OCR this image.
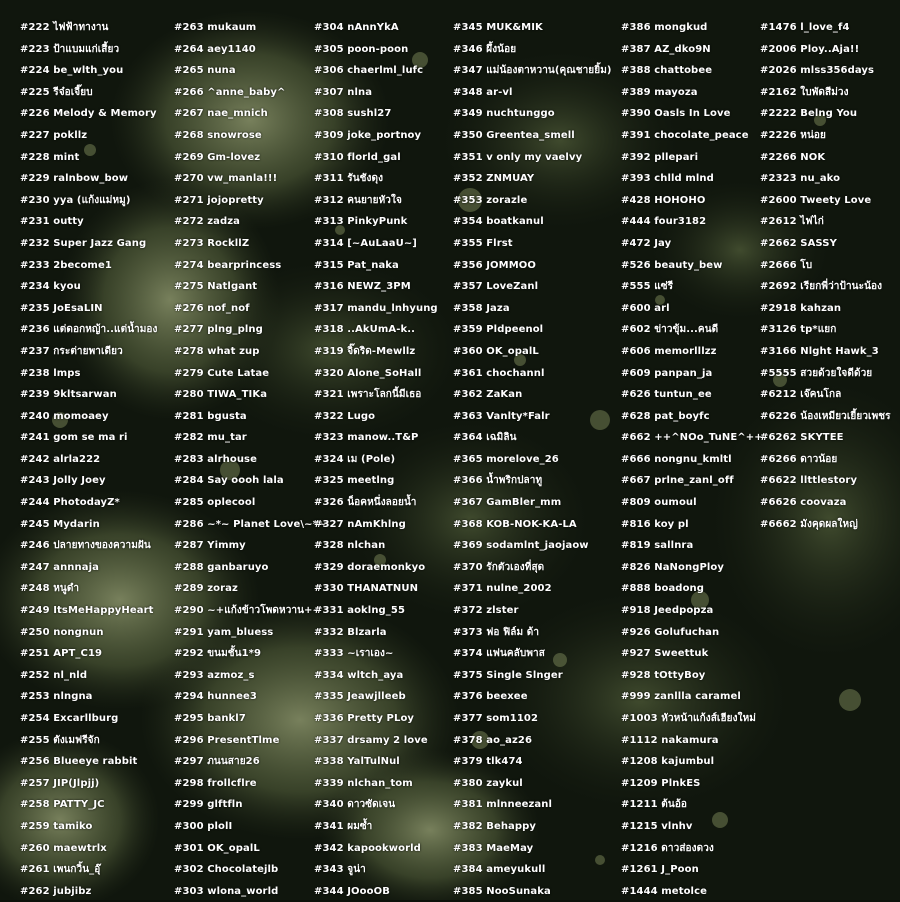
#222 ไฟฟ้าทางาน
#223 ป้าแบมแก่เสี้ยว
#224 be_wlth_you
#225 รีจ๋อเจี๊ยบ
#226 Melody & Memory
#227 pokllz
#228 mint
#229 ralnbow_bow
#230 yya (แก้งแม่หมู)
#231 outty
#232 Super Jazz Gang
#233 2become1
#234 kyou
#235 JoEsaLIN
#236 แต่ดอกหญ้า..แต่น้ำมอง
#237 กระต่ายพาเดียว
#238 lmps
#239 9kltsarwan
#240 momoaey
#241 gom se ma ri
#242 alrla222
#243 Jolly Joey
#244 PhotodayZ*
#245 Mydarin
#246 ปลายทางของความฝัน
#247 annnaja
#248 หนูดำ
#249 ItsMeHappyHeart
#250 nongnun
#251 APT_C19
#252 nl_nld
#253 nlngna
#254 Excarllburg
#255 ตังเมฟรีจัก
#256 Blueeye rabbit
#257 JIP(Jlpjj)
#258 PATTY_JC
#259 tamiko
#260 maewtrlx
#261 เพนกวิ้น_อุ๊
#262 jubjibz
#263 mukaum
#264 aey1140
#265 nuna
#266 ^anne_baby^
#267 nae_mnich
#268 snowrose
#269 Gm-lovez
#270 vw_manla!!!
#271 jojopretty
#272 zadza
#273 RockllZ
#274 bearprincess
#275 Natlgant
#276 nof_nof
#277 plng_plng
#278 what zup
#279 Cute Latae
#280 TIWA_TIKa
#281 bgusta
#282 mu_tar
#283 alrhouse
#284 Say oooh lala
#285 oplecool
#286 ~*~ Planet Love\~*~
#287 Yimmy
#288 ganbaruyo
#289 zoraz
#290 ~+แก้งข้าวโพดหวาน+~
#291 yam_bluess
#292 ขนมชั้น1*9
#293 azmoz_s
#294 hunnee3
#295 bankl7
#296 PresentTlme
#297 ภนนสาย26
#298 frollcflre
#299 glftfln
#300 plolI
#301 OK_opalL
#302 Chocolatejlb
#303 wlona_world
#304 nAnnYkA
#305 poon-poon
#306 chaerlml_lufc
#307 nlna
#308 sushl27
#309 joke_portnoy
#310 florld_gal
#311 รันชังดุง
#312 คนยายหัวใจ
#313 PinkyPunk
#314 [~AuLaaU~]
#315 Pat_naka
#316 NEWZ_3PM
#317 mandu_lnhyung
#318 ..AkUmA-k..
#319 จิ๊ดริด-Mewllz
#320 Alone_SoHall
#321 เพราะโลกนี้มีเธอ
#322 Lugo
#323 manow..T&P
#324 เม (Pole)
#325 meetlng
#326 น็อคหนึ่งลอยน้ำ
#327 nAmKhlng
#328 nlchan
#329 doraemonkyo
#330 THANATNUN
#331 aoklng_55
#332 Blzarla
#333 ~เราเอง~
#334 wltch_aya
#335 Jeawjlleeb
#336 Pretty PLoy
#337 drsamy 2 love
#338 YalTulNul
#339 nlchan_tom
#340 ดาวซัดเจน
#341 ผมซ้ำ
#342 kapookworld
#343 จูน่า
#344 JOooOB
#345 MUK&MIK
#346 ผึ้งน้อย
#347 แม่น้องตาหวาน(คุณชายยิ้ม)
#348 ar-vl
#349 nuchtunggo
#350 Greentea_smell
#351 v only my vaelvy
#352 ZNMUAY
#353 zorazle
#354 boatkanul
#355 Flrst
#356 JOMMOO
#357 LoveZanl
#358 Jaza
#359 Pldpeenol
#360 OK_opalL
#361 chochannl
#362 ZaKan
#363 Vanlty*Falr
#364 เฉมิลิน
#365 morelove_26
#366 น้ำพริกปลาทู
#367 GamBler_mm
#368 KOB-NOK-KA-LA
#369 sodamlnt_jaojaow
#370 รักตัวเองที่สุด
#371 nulne_2002
#372 zlster
#373 ฟอ ฟิล์ม ด้า
#374 แฟนคลับพาส
#375 Single Slnger
#376 beexee
#377 som1102
#378 ao_az26
#379 tlk474
#380 zaykul
#381 mlnneezanl
#382 Behappy
#383 MaeMay
#384 ameyukull
#385 NooSunaka
#386 mongkud
#387 AZ_dko9N
#388 chattobee
#389 mayoza
#390 Oasls In Love
#391 chocolate_peace
#392 pllepari
#393 chlld mlnd
#428 HOHOHO
#444 four3182
#472 Jay
#526 beauty_bew
#555 แซ่รี
#600 arl
#602 ข่าวขุ้ม...คนดี
#606 memorlllzz
#609 panpan_ja
#626 tuntun_ee
#628 pat_boyfc
#662 ++^NOo_TuNE^++
#666 nongnu_kmltl
#667 prlne_zanl_off
#809 oumoul
#816 koy pl
#819 sallnra
#826 NaNongPloy
#888 boadong
#918 Jeedpopza
#926 Golufuchan
#927 Sweettuk
#928 tOttyBoy
#999 zanllla caramel
#1003 หัวหน้าแก้งส์เฮียงใหม่
#1112 nakamura
#1208 kajumbul
#1209 PlnkES
#1211 ต้นอ้อ
#1215 vlnhv
#1216 ดาวส่องดวง
#1261 J_Poon
#1444 metolce
#1476 l_love_f4
#2006 Ploy..Aja!!
#2026 mlss356days
#2162 ใบพัดสีม่วง
#2222 Belng You
#2226 หน่อย
#2266 NOK
#2323 nu_ako
#2600 Tweety Love
#2612 ไฟไก่
#2662 SASSY
#2666 โบ
#2692 เรียกพี่ว่าป้านะน้อง
#2918 kahzan
#3126 tp*แยก
#3166 Nlght Hawk_3
#5555 สวยด้วยใจดีด้วย
#6212 เจ๊คนโกล
#6226 น้องเหมียวเยี้ยวเพชร
#6262 SKYTEE
#6266 ดาวน้อย
#6622 llttlestory
#6626 coovaza
#6662 มังคุดผลใหญ่
